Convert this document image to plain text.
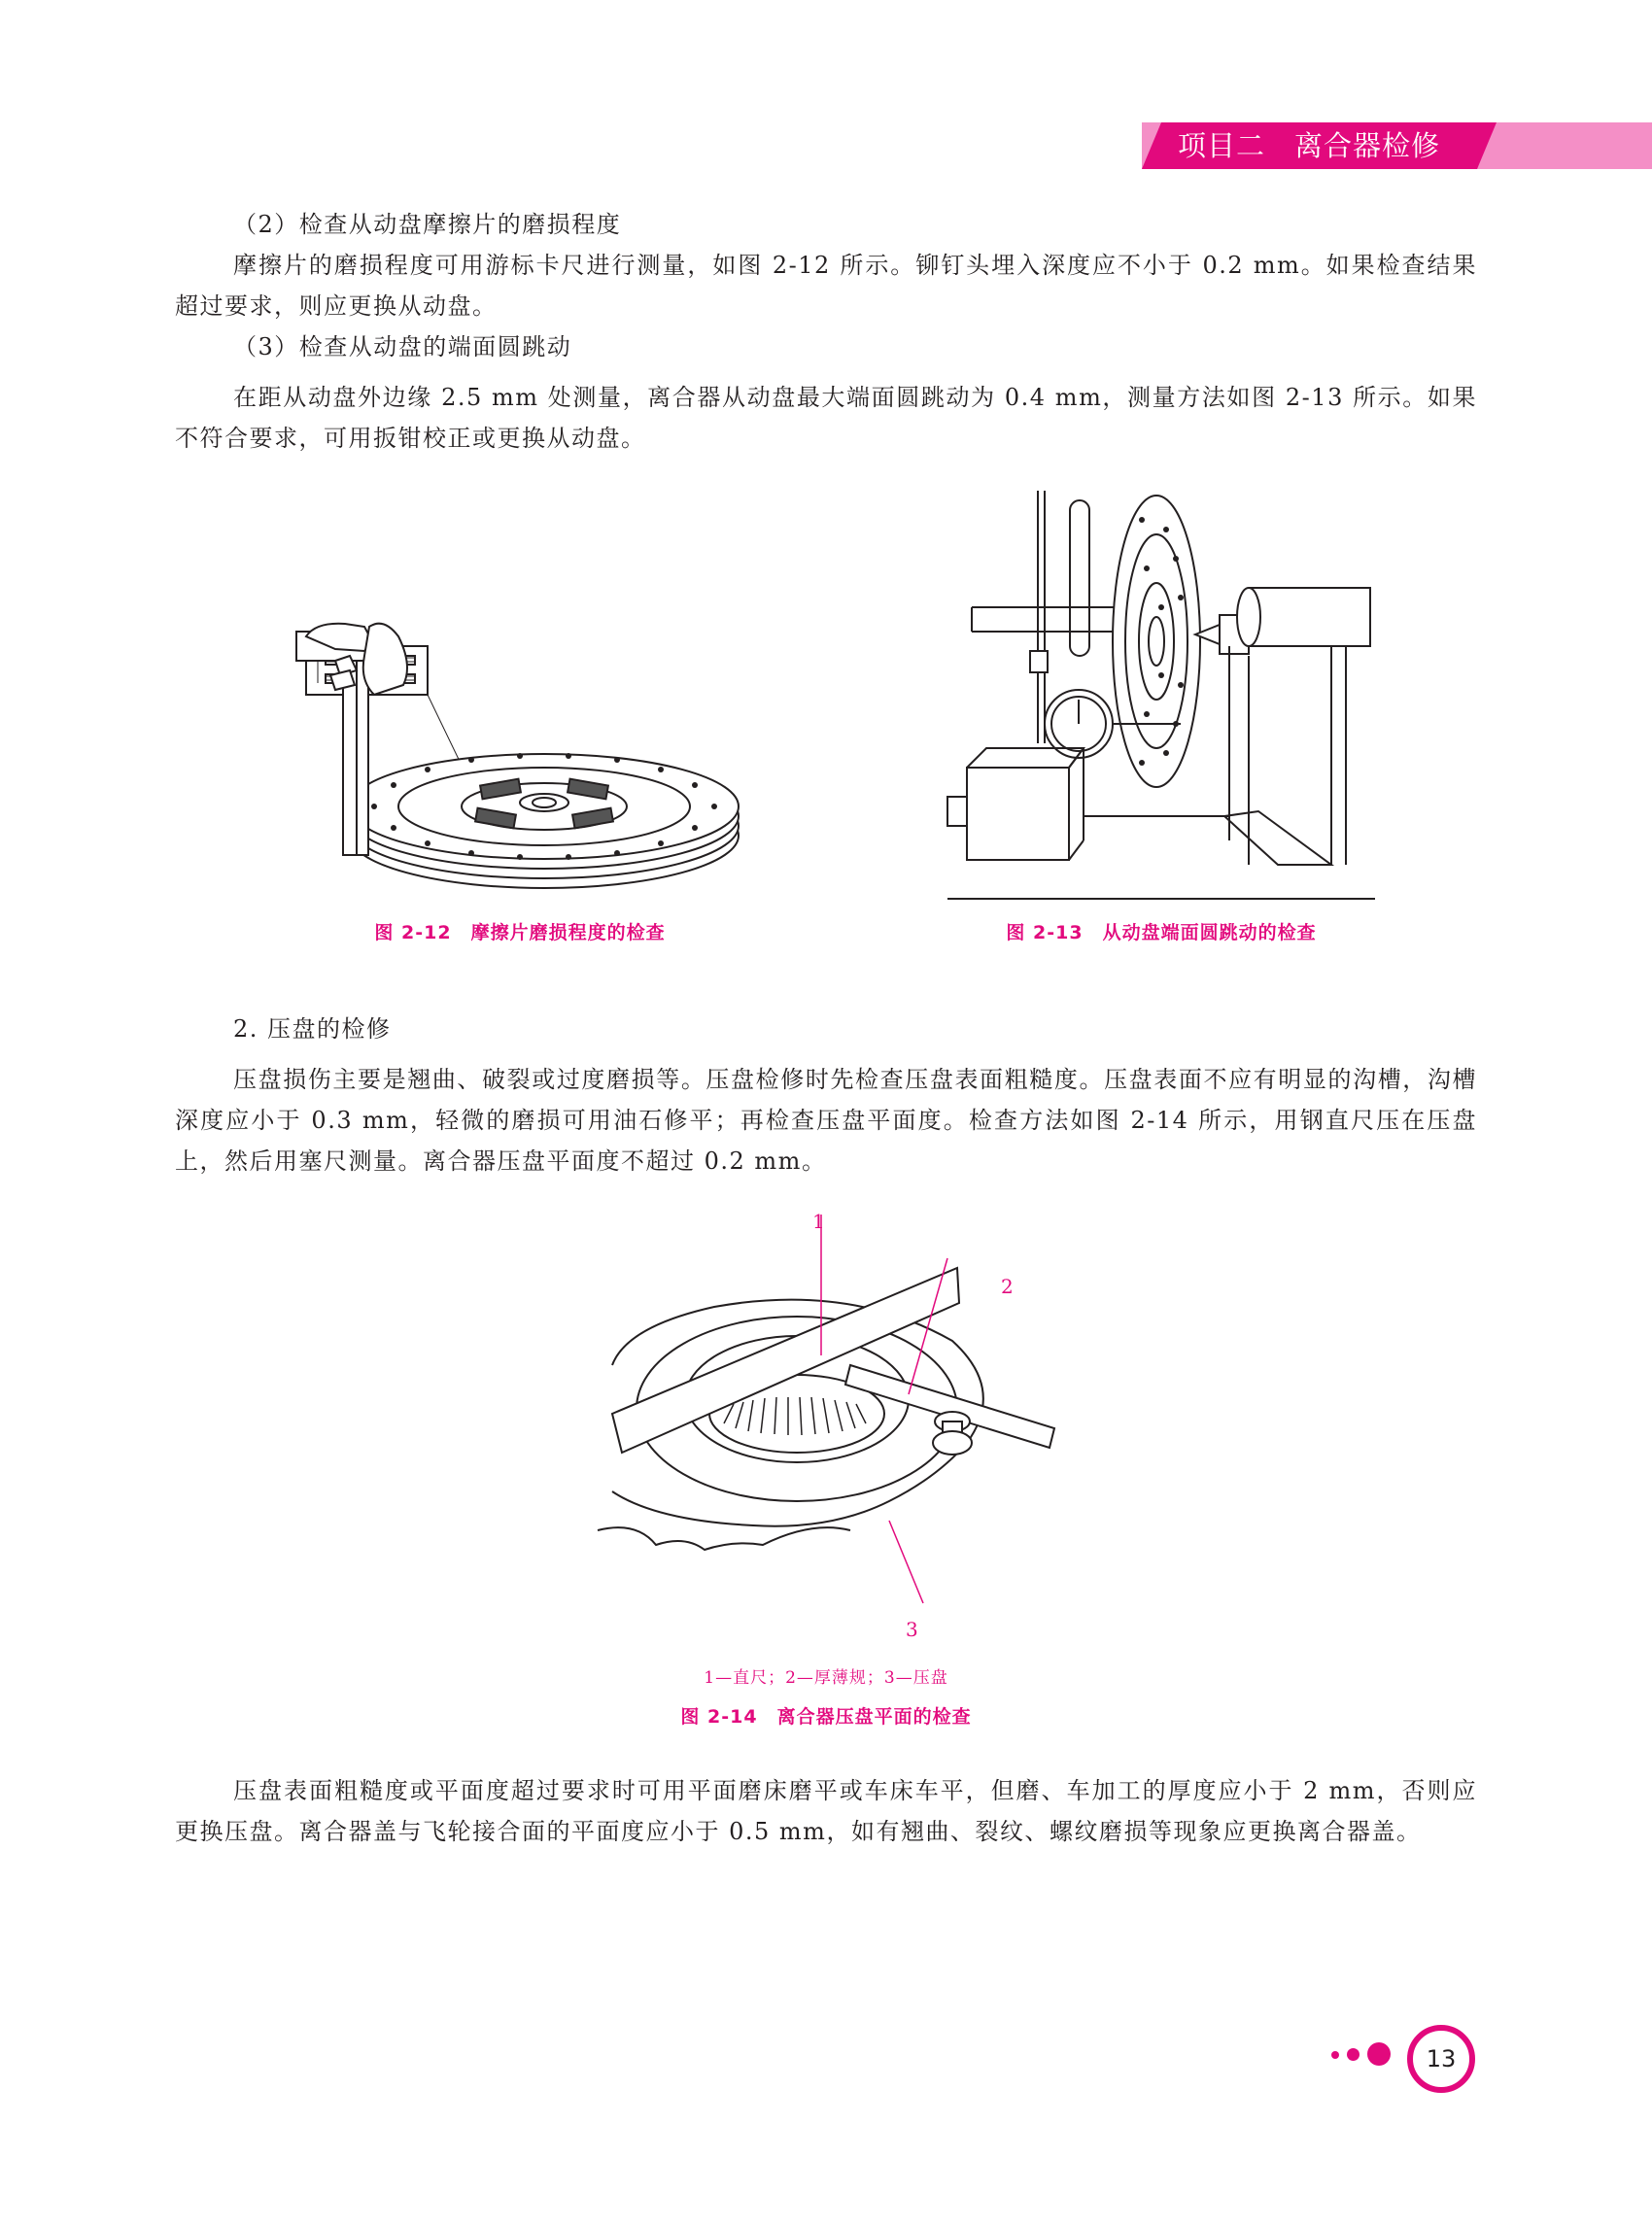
项目二　离合器检修

（2）检查从动盘摩擦片的磨损程度

摩擦片的磨损程度可用游标卡尺进行测量，如图 2-12 所示。铆钉头埋入深度应不小于 0.2 mm。如果检查结果超过要求，则应更换从动盘。

（3）检查从动盘的端面圆跳动

在距从动盘外边缘 2.5 mm 处测量，离合器从动盘最大端面圆跳动为 0.4 mm，测量方法如图 2-13 所示。如果不符合要求，可用扳钳校正或更换从动盘。

图 2-12　摩擦片磨损程度的检查	图 2-13　从动盘端面圆跳动的检查

2. 压盘的检修

压盘损伤主要是翘曲、破裂或过度磨损等。压盘检修时先检查压盘表面粗糙度。压盘表面不应有明显的沟槽，沟槽深度应小于 0.3 mm，轻微的磨损可用油石修平；再检查压盘平面度。检查方法如图 2-14 所示，用钢直尺压在压盘上，然后用塞尺测量。离合器压盘平面度不超过 0.2 mm。

1
2
3
1—直尺；2—厚薄规；3—压盘
图 2-14　离合器压盘平面的检查

压盘表面粗糙度或平面度超过要求时可用平面磨床磨平或车床车平，但磨、车加工的厚度应小于 2 mm，否则应更换压盘。离合器盖与飞轮接合面的平面度应小于 0.5 mm，如有翘曲、裂纹、螺纹磨损等现象应更换离合器盖。

13
